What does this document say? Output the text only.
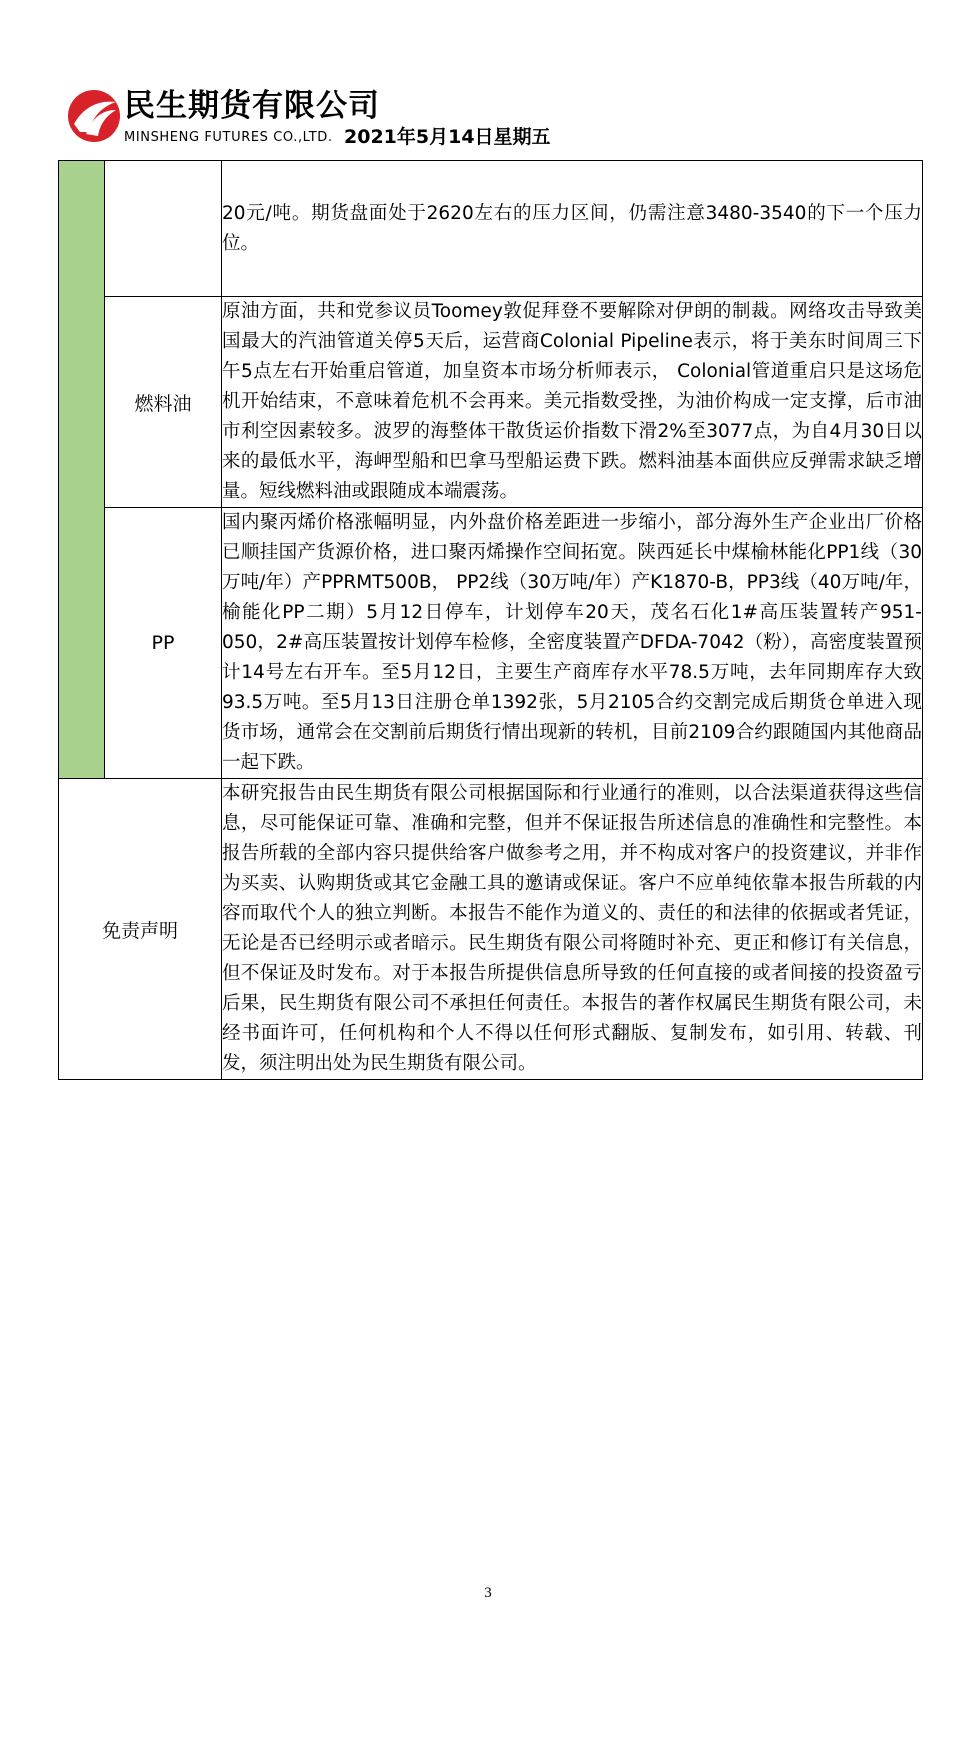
民生期货有限公司
MINSHENG FUTURES CO.,LTD. 2021年5月14日星期五
		20元/吨。期货盘面处于2620左右的压力区间，仍需注意3480-3540的下一个压力位。
	燃料油	原油方面，共和党参议员Toomey敦促拜登不要解除对伊朗的制裁。网络攻击导致美国最大的汽油管道关停5天后，运营商Colonial Pipeline表示，将于美东时间周三下午5点左右开始重启管道，加皇资本市场分析师表示， Colonial管道重启只是这场危机开始结束，不意味着危机不会再来。美元指数受挫，为油价构成一定支撑，后市油市利空因素较多。波罗的海整体干散货运价指数下滑2%至3077点，为自4月30日以来的最低水平，海岬型船和巴拿马型船运费下跌。燃料油基本面供应反弹需求缺乏增量。短线燃料油或跟随成本端震荡。
	PP	国内聚丙烯价格涨幅明显，内外盘价格差距进一步缩小，部分海外生产企业出厂价格已顺挂国产货源价格，进口聚丙烯操作空间拓宽。陕西延长中煤榆林能化PP1线（30万吨/年）产PPRMT500B， PP2线（30万吨/年）产K1870-B，PP3线（40万吨/年，榆能化PP二期）5月12日停车，计划停车20天，茂名石化1#高压装置转产951-050，2#高压装置按计划停车检修，全密度装置产DFDA-7042（粉），高密度装置预计14号左右开车。至5月12日，主要生产商库存水平78.5万吨，去年同期库存大致93.5万吨。至5月13日注册仓单1392张，5月2105合约交割完成后期货仓单进入现货市场，通常会在交割前后期货行情出现新的转机，目前2109合约跟随国内其他商品一起下跌。
免责声明		本研究报告由民生期货有限公司根据国际和行业通行的准则，以合法渠道获得这些信息，尽可能保证可靠、准确和完整，但并不保证报告所述信息的准确性和完整性。本报告所载的全部内容只提供给客户做参考之用，并不构成对客户的投资建议，并非作为买卖、认购期货或其它金融工具的邀请或保证。客户不应单纯依靠本报告所载的内容而取代个人的独立判断。本报告不能作为道义的、责任的和法律的依据或者凭证，无论是否已经明示或者暗示。民生期货有限公司将随时补充、更正和修订有关信息，但不保证及时发布。对于本报告所提供信息所导致的任何直接的或者间接的投资盈亏后果，民生期货有限公司不承担任何责任。本报告的著作权属民生期货有限公司，未经书面许可，任何机构和个人不得以任何形式翻版、复制发布，如引用、转载、刊发，须注明出处为民生期货有限公司。
3
